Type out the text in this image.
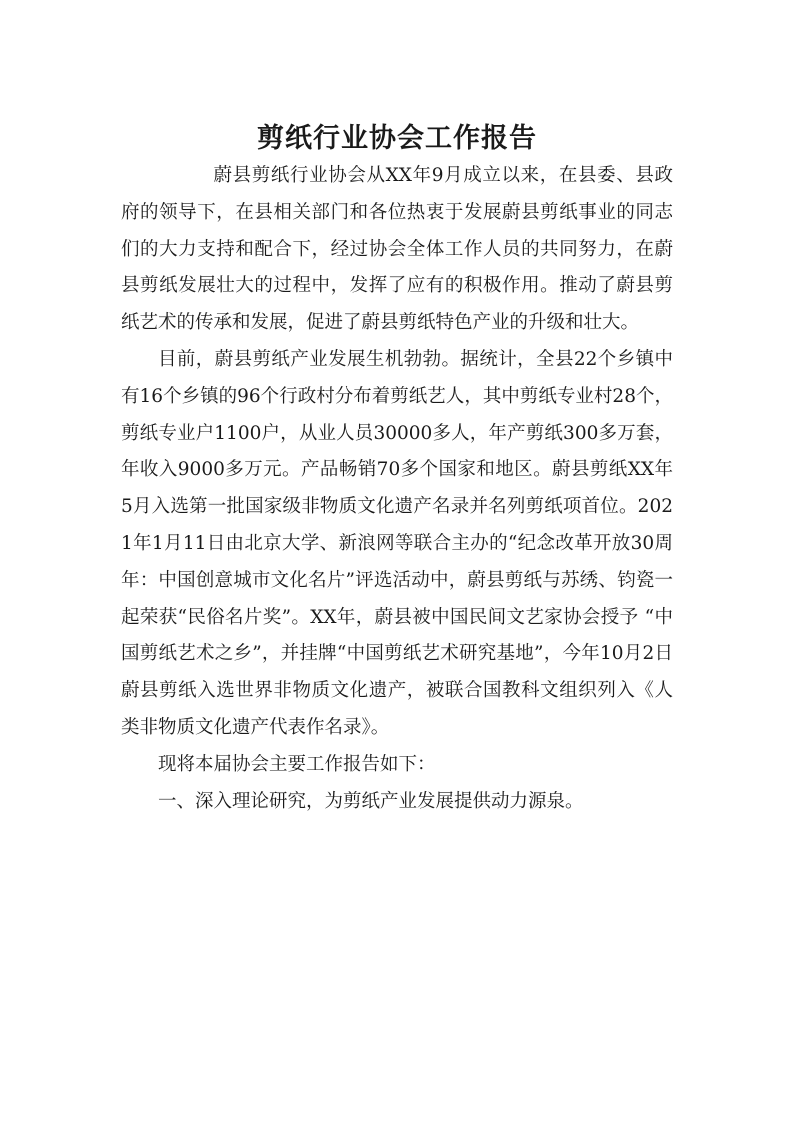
剪纸行业协会工作报告

蔚县剪纸行业协会从XX年9月成立以来，在县委、县政府的领导下，在县相关部门和各位热衷于发展蔚县剪纸事业的同志们的大力支持和配合下，经过协会全体工作人员的共同努力，在蔚县剪纸发展壮大的过程中，发挥了应有的积极作用。推动了蔚县剪纸艺术的传承和发展，促进了蔚县剪纸特色产业的升级和壮大。

目前，蔚县剪纸产业发展生机勃勃。据统计，全县22个乡镇中有16个乡镇的96个行政村分布着剪纸艺人，其中剪纸专业村28个，剪纸专业户1100户，从业人员30000多人，年产剪纸300多万套，年收入9000多万元。产品畅销70多个国家和地区。蔚县剪纸XX年5月入选第一批国家级非物质文化遗产名录并名列剪纸项首位。2021年1月11日由北京大学、新浪网等联合主办的“纪念改革开放30周年：中国创意城市文化名片”评选活动中，蔚县剪纸与苏绣、钧瓷一起荣获“民俗名片奖”。XX年，蔚县被中国民间文艺家协会授予 “中国剪纸艺术之乡”，并挂牌“中国剪纸艺术研究基地”，今年10月2日蔚县剪纸入选世界非物质文化遗产，被联合国教科文组织列入《人类非物质文化遗产代表作名录》。

现将本届协会主要工作报告如下：

一、深入理论研究，为剪纸产业发展提供动力源泉。
